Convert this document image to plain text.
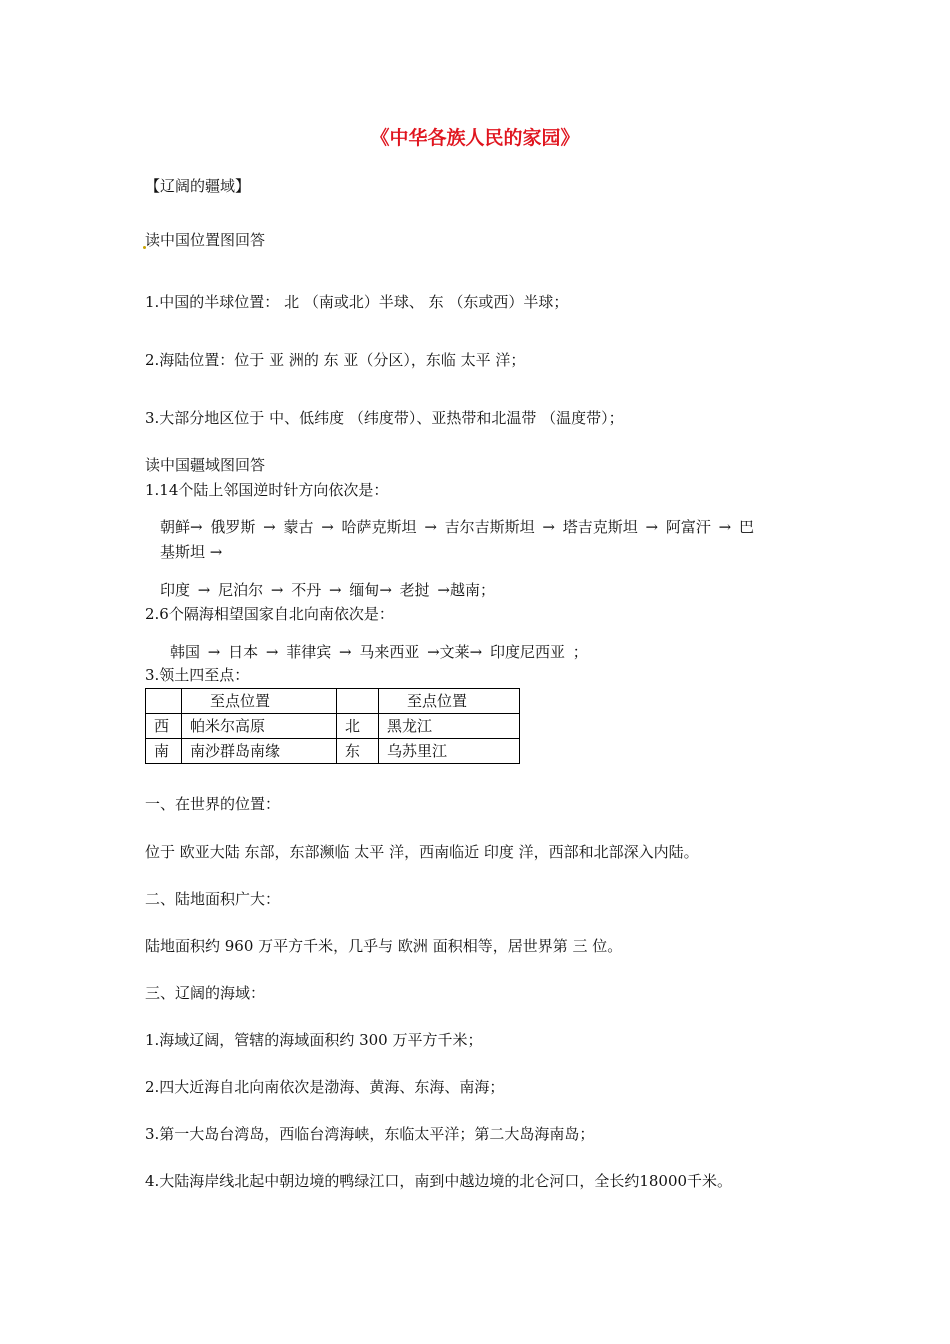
《中华各族人民的家园》

【辽阔的疆域】

读中国位置图回答

1.中国的半球位置： 北 （南或北）半球、 东 （东或西）半球；

2.海陆位置：位于 亚 洲的 东 亚（分区），东临 太平 洋；

3.大部分地区位于 中、低纬度 （纬度带）、亚热带和北温带 （温度带）；

读中国疆域图回答

1.14个陆上邻国逆时针方向依次是：

朝鲜→ 俄罗斯 → 蒙古 → 哈萨克斯坦 → 吉尔吉斯斯坦 → 塔吉克斯坦 → 阿富汗 → 巴

基斯坦 →

印度 → 尼泊尔 → 不丹 → 缅甸→ 老挝 →越南；

2.6个隔海相望国家自北向南依次是：

韩国 → 日本 → 菲律宾 → 马来西亚 →文莱→ 印度尼西亚 ；

3.领土四至点：

	至点位置		至点位置
西	帕米尔高原	北	黑龙江
南	南沙群岛南缘	东	乌苏里江

一、在世界的位置：

位于 欧亚大陆 东部，东部濒临 太平 洋，西南临近 印度 洋，西部和北部深入内陆。

二、陆地面积广大：

陆地面积约 960 万平方千米，几乎与 欧洲 面积相等，居世界第 三 位。

三、辽阔的海域：

1.海域辽阔，管辖的海域面积约 300 万平方千米；

2.四大近海自北向南依次是渤海、黄海、东海、南海；

3.第一大岛台湾岛，西临台湾海峡，东临太平洋；第二大岛海南岛；

4.大陆海岸线北起中朝边境的鸭绿江口，南到中越边境的北仑河口，全长约18000千米。
